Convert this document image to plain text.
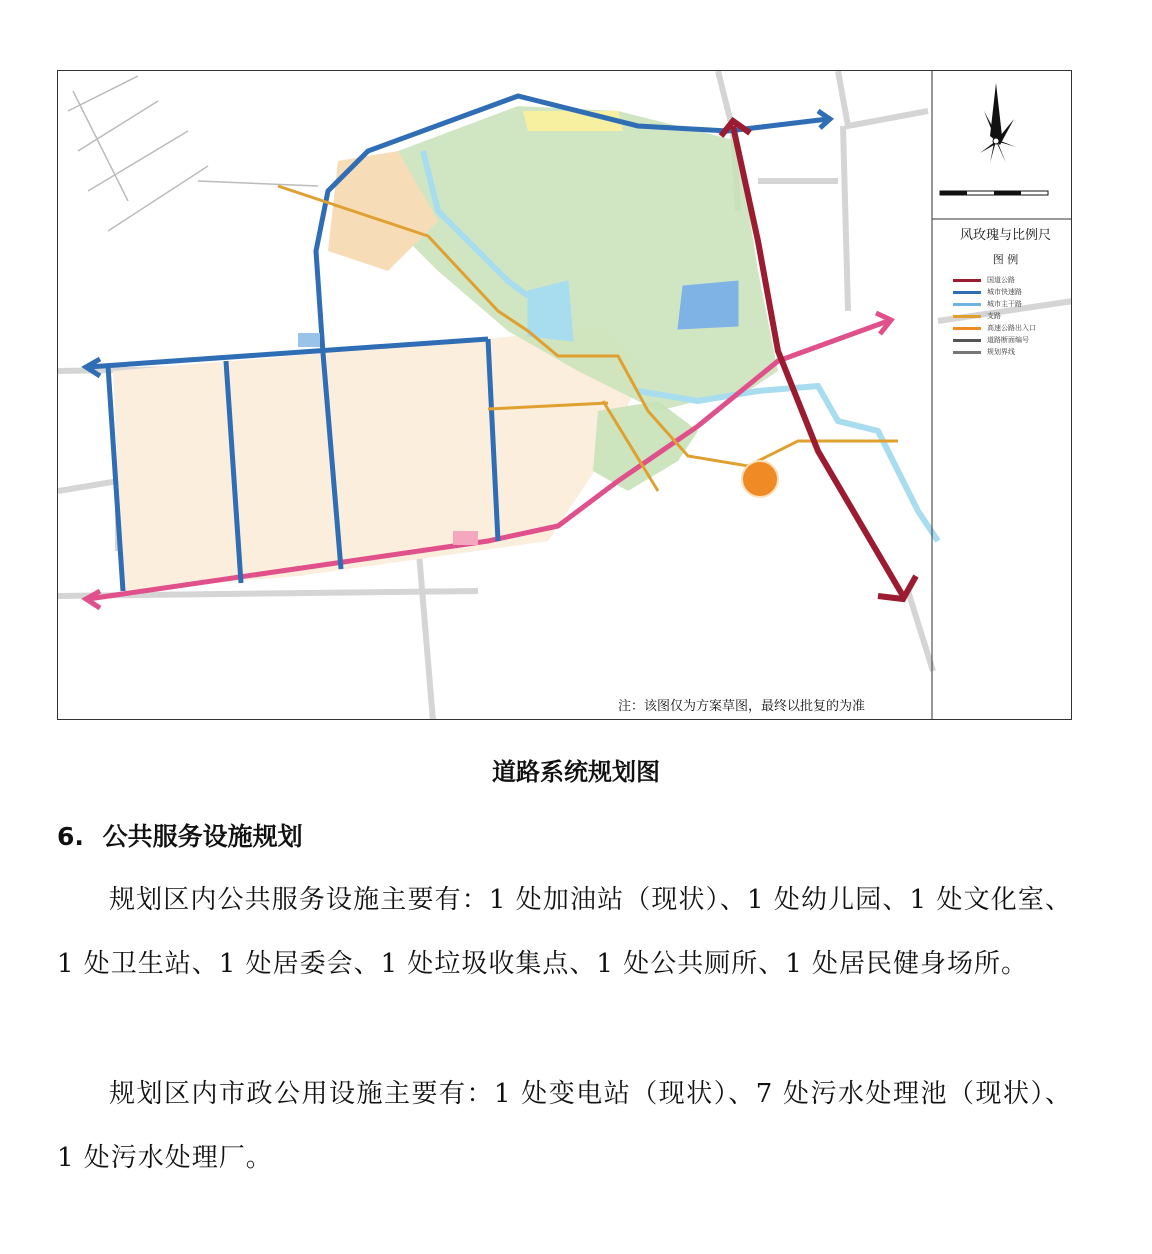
风玫瑰与比例尺
图 例
国道公路
城市快速路
城市主干路
支路
高速公路出入口
道路断面编号
规划界线
注：该图仅为方案草图，最终以批复的为准
道路系统规划图
6. 公共服务设施规划

规划区内公共服务设施主要有：1 处加油站（现状）、1 处幼儿园、1 处文化室、1 处卫生站、1 处居委会、1 处垃圾收集点、1 处公共厕所、1 处居民健身场所。

规划区内市政公用设施主要有：1 处变电站（现状）、7 处污水处理池（现状）、1 处污水处理厂。
